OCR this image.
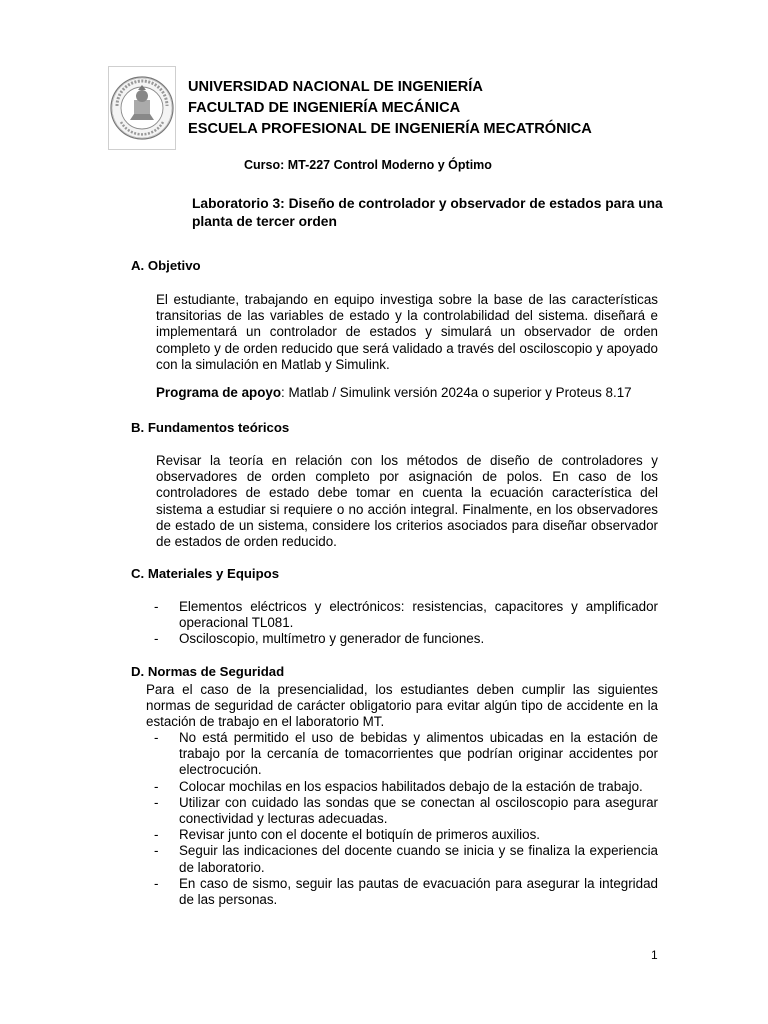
UNIVERSIDAD NACIONAL DE INGENIERÍA
FACULTAD DE INGENIERÍA MECÁNICA
ESCUELA PROFESIONAL DE INGENIERÍA MECATRÓNICA
Curso: MT-227 Control Moderno y Óptimo
Laboratorio 3: Diseño de controlador y observador de estados para una planta de tercer orden
A. Objetivo
El estudiante, trabajando en equipo investiga sobre la base de las características transitorias de las variables de estado y la controlabilidad del sistema. diseñará e implementará un controlador de estados y simulará un observador de orden completo y de orden reducido que será validado a través del osciloscopio y apoyado con la simulación en Matlab y Simulink.
Programa de apoyo: Matlab / Simulink versión 2024a o superior y Proteus 8.17
B. Fundamentos teóricos
Revisar la teoría en relación con los métodos de diseño de controladores y observadores de orden completo por asignación de polos. En caso de los controladores de estado debe tomar en cuenta la ecuación característica del sistema a estudiar si requiere o no acción integral. Finalmente, en los observadores de estado de un sistema, considere los criterios asociados para diseñar observador de estados de orden reducido.
C. Materiales y Equipos
- Elementos eléctricos y electrónicos: resistencias, capacitores y amplificador operacional TL081.
- Osciloscopio, multímetro y generador de funciones.
D. Normas de Seguridad
Para el caso de la presencialidad, los estudiantes deben cumplir las siguientes normas de seguridad de carácter obligatorio para evitar algún tipo de accidente en la estación de trabajo en el laboratorio MT.
- No está permitido el uso de bebidas y alimentos ubicadas en la estación de trabajo por la cercanía de tomacorrientes que podrían originar accidentes por electrocución.
- Colocar mochilas en los espacios habilitados debajo de la estación de trabajo.
- Utilizar con cuidado las sondas que se conectan al osciloscopio para asegurar conectividad y lecturas adecuadas.
- Revisar junto con el docente el botiquín de primeros auxilios.
- Seguir las indicaciones del docente cuando se inicia y se finaliza la experiencia de laboratorio.
- En caso de sismo, seguir las pautas de evacuación para asegurar la integridad de las personas.
1
